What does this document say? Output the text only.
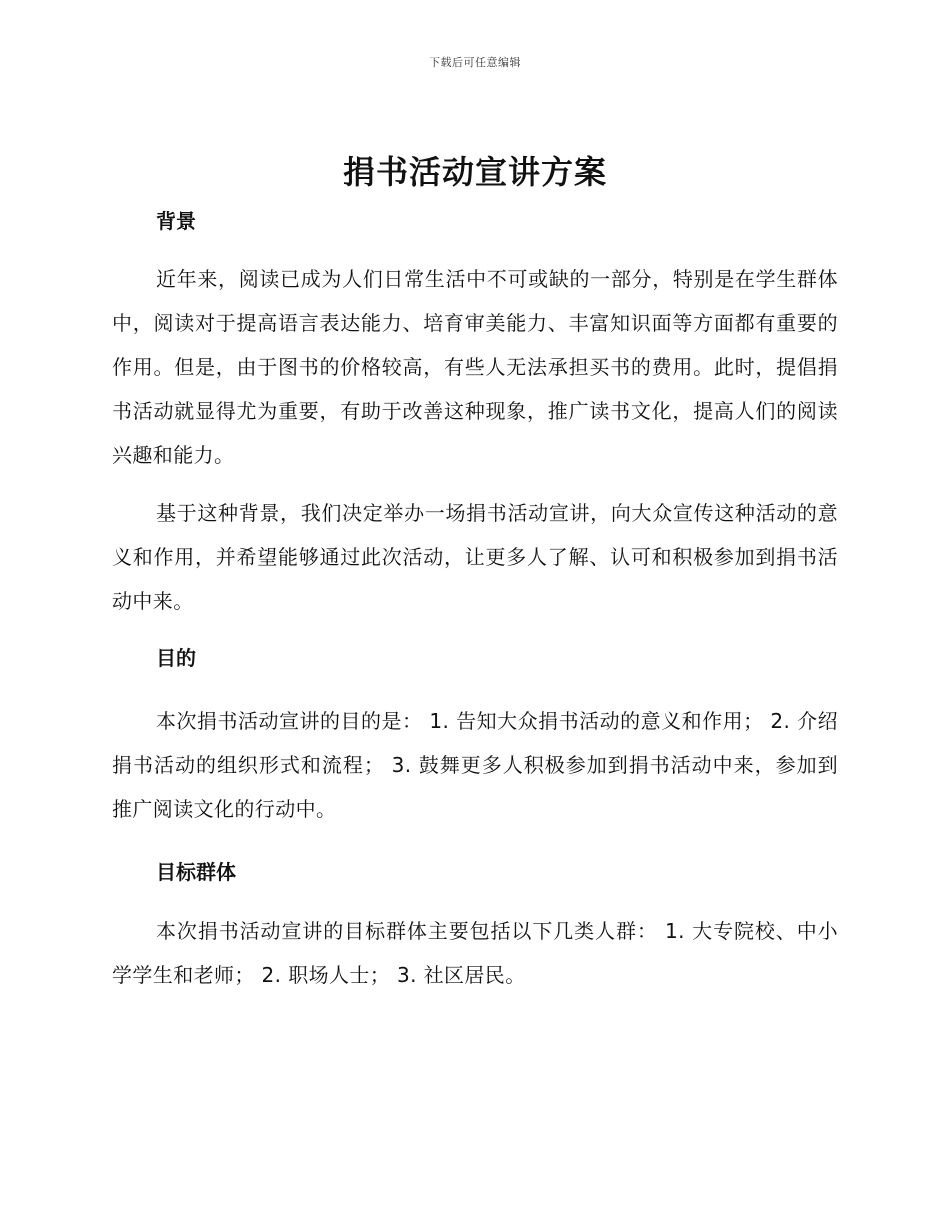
下载后可任意编辑
捐书活动宣讲方案
背景

近年来，阅读已成为人们日常生活中不可或缺的一部分，特别是在学生群体中，阅读对于提高语言表达能力、培育审美能力、丰富知识面等方面都有重要的作用。但是，由于图书的价格较高，有些人无法承担买书的费用。此时，提倡捐书活动就显得尤为重要，有助于改善这种现象，推广读书文化，提高人们的阅读兴趣和能力。

基于这种背景，我们决定举办一场捐书活动宣讲，向大众宣传这种活动的意义和作用，并希望能够通过此次活动，让更多人了解、认可和积极参加到捐书活动中来。

目的

本次捐书活动宣讲的目的是： 1. 告知大众捐书活动的意义和作用； 2. 介绍捐书活动的组织形式和流程； 3. 鼓舞更多人积极参加到捐书活动中来，参加到推广阅读文化的行动中。

目标群体

本次捐书活动宣讲的目标群体主要包括以下几类人群： 1. 大专院校、中小学学生和老师； 2. 职场人士； 3. 社区居民。
